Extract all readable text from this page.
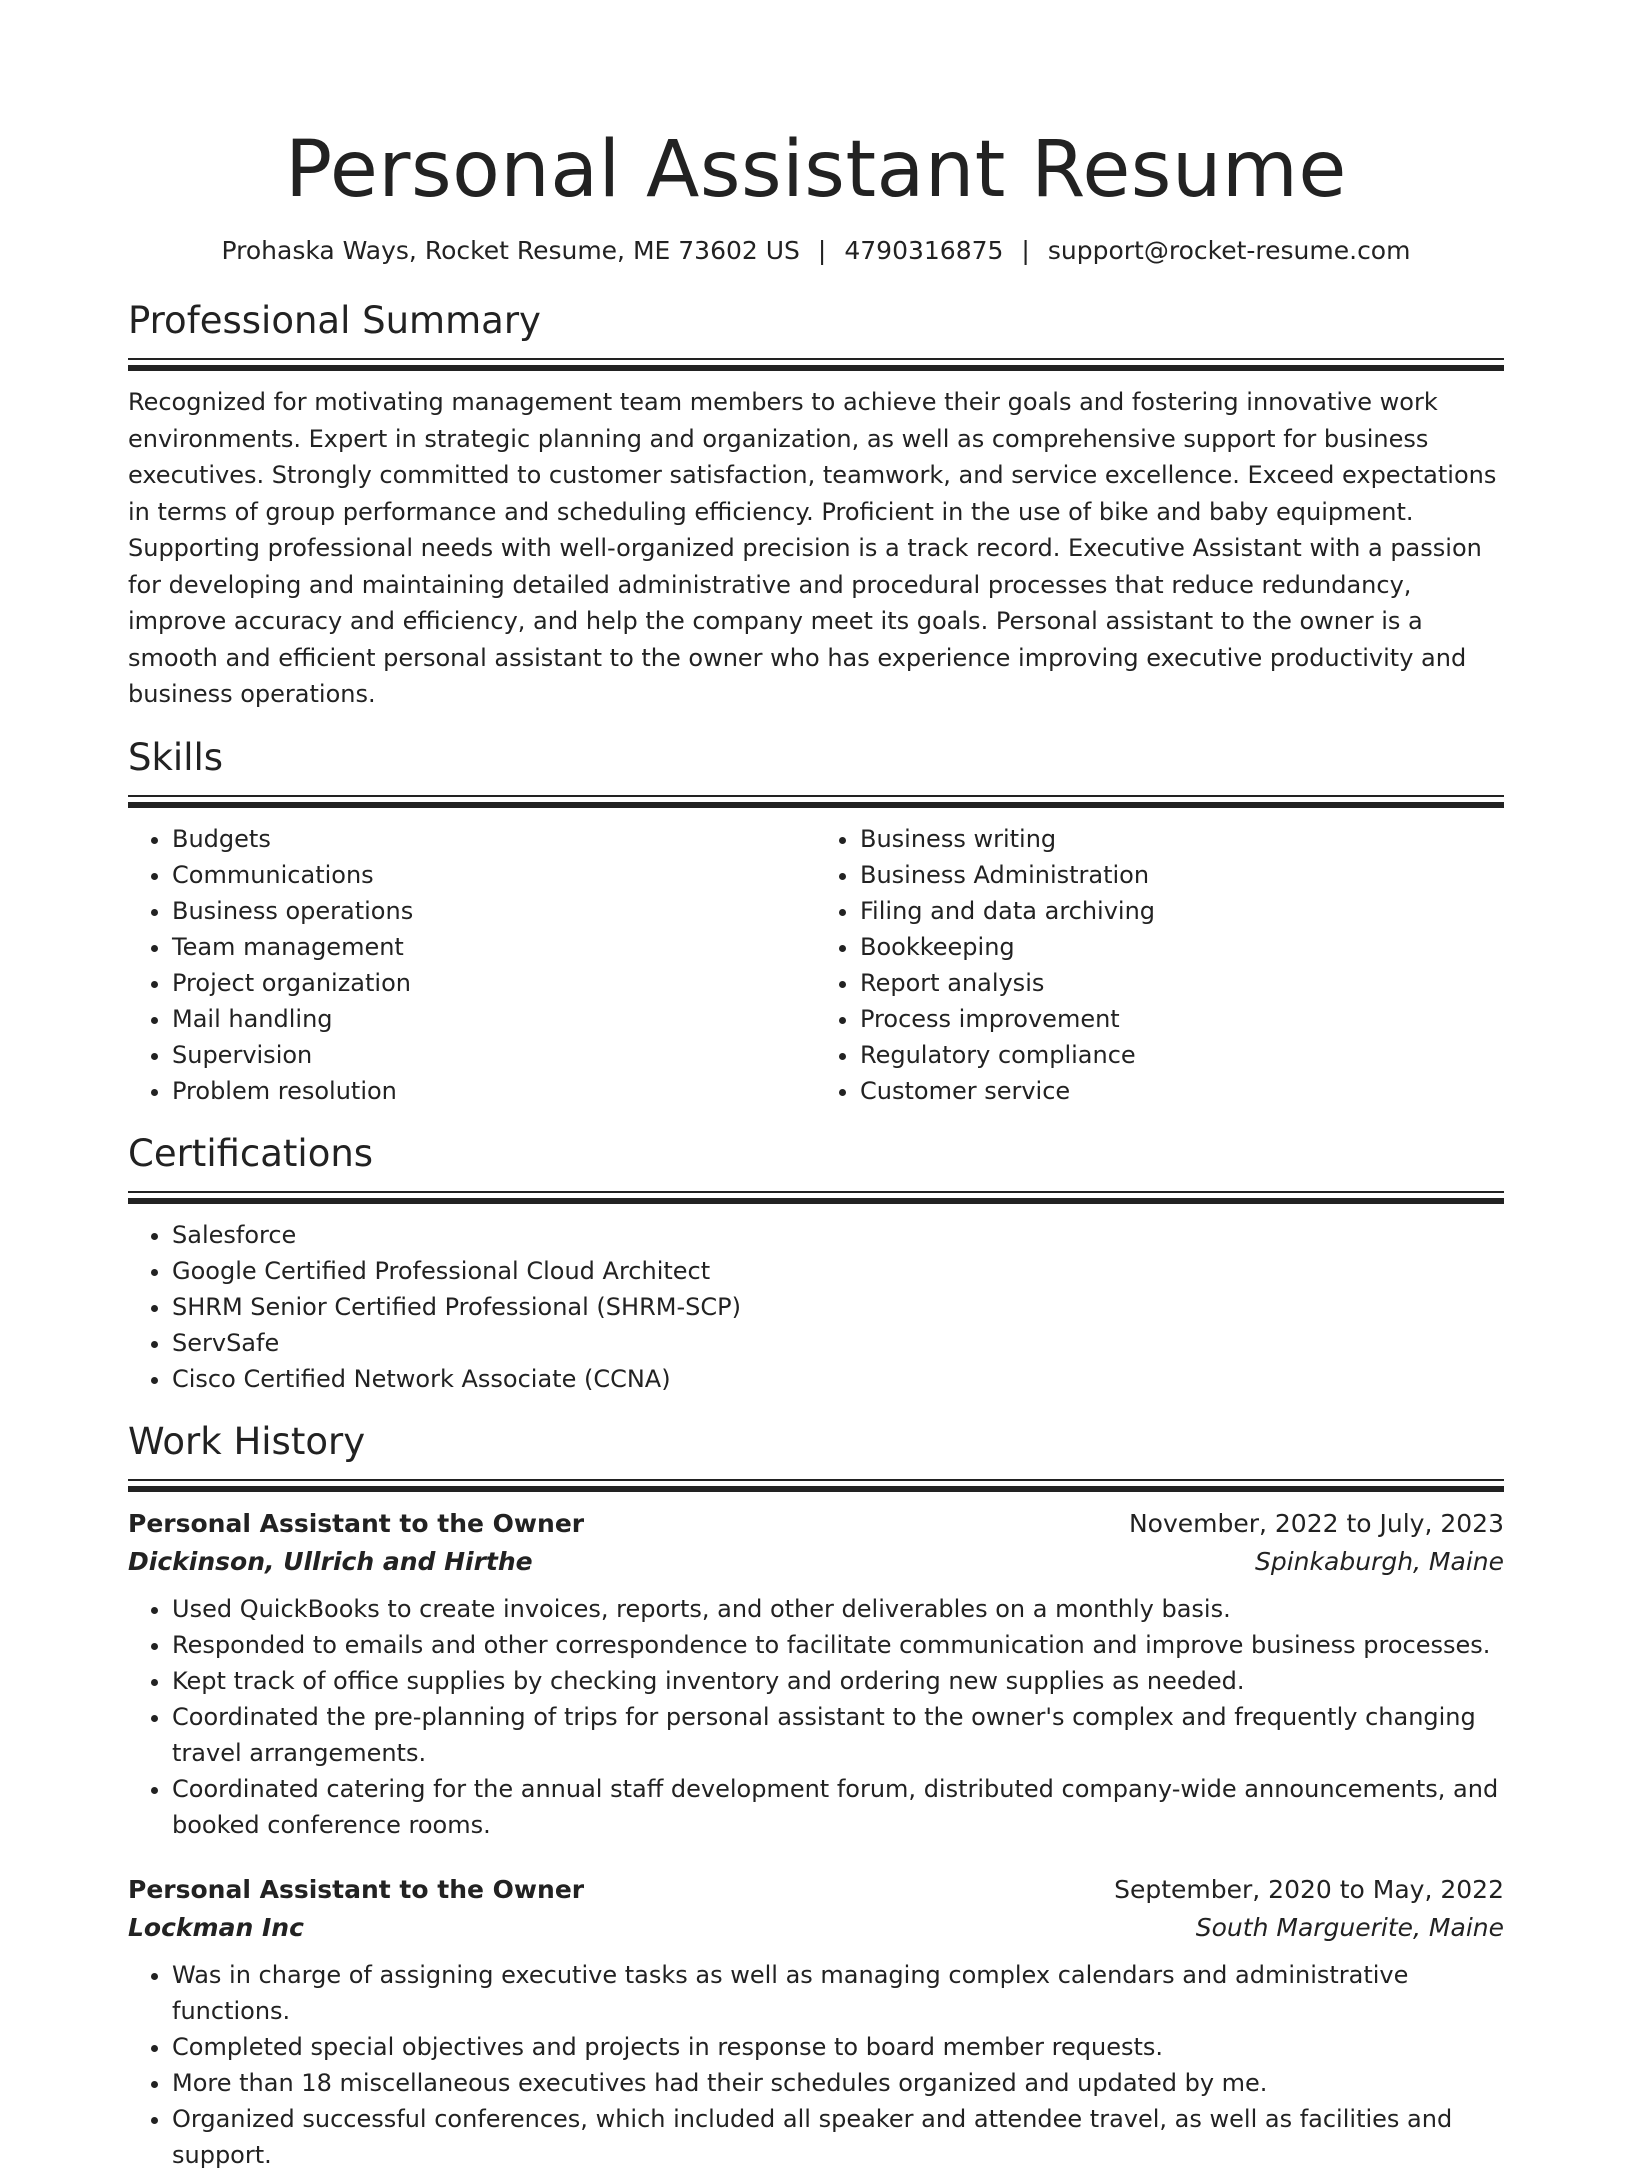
Personal Assistant Resume
Prohaska Ways, Rocket Resume, ME 73602 US | 4790316875 | support@rocket-resume.com
Professional Summary

Recognized for motivating management team members to achieve their goals and fostering innovative work environments. Expert in strategic planning and organization, as well as comprehensive support for business executives. Strongly committed to customer satisfaction, teamwork, and service excellence. Exceed expectations in terms of group performance and scheduling efficiency. Proficient in the use of bike and baby equipment. Supporting professional needs with well-organized precision is a track record. Executive Assistant with a passion for developing and maintaining detailed administrative and procedural processes that reduce redundancy, improve accuracy and efficiency, and help the company meet its goals. Personal assistant to the owner is a smooth and efficient personal assistant to the owner who has experience improving executive productivity and business operations.

Skills
• Budgets
• Communications
• Business operations
• Team management
• Project organization
• Mail handling
• Supervision
• Problem resolution
• Business writing
• Business Administration
• Filing and data archiving
• Bookkeeping
• Report analysis
• Process improvement
• Regulatory compliance
• Customer service
Certifications
• Salesforce
• Google Certified Professional Cloud Architect
• SHRM Senior Certified Professional (SHRM-SCP)
• ServSafe
• Cisco Certified Network Associate (CCNA)
Work History
Personal Assistant to the Owner	November, 2022 to July, 2023
Dickinson, Ullrich and Hirthe	Spinkaburgh, Maine
• Used QuickBooks to create invoices, reports, and other deliverables on a monthly basis.
• Responded to emails and other correspondence to facilitate communication and improve business processes.
• Kept track of office supplies by checking inventory and ordering new supplies as needed.
• Coordinated the pre-planning of trips for personal assistant to the owner's complex and frequently changing travel arrangements.
• Coordinated catering for the annual staff development forum, distributed company-wide announcements, and booked conference rooms.
Personal Assistant to the Owner	September, 2020 to May, 2022
Lockman Inc	South Marguerite, Maine
• Was in charge of assigning executive tasks as well as managing complex calendars and administrative functions.
• Completed special objectives and projects in response to board member requests.
• More than 18 miscellaneous executives had their schedules organized and updated by me.
• Organized successful conferences, which included all speaker and attendee travel, as well as facilities and support.
